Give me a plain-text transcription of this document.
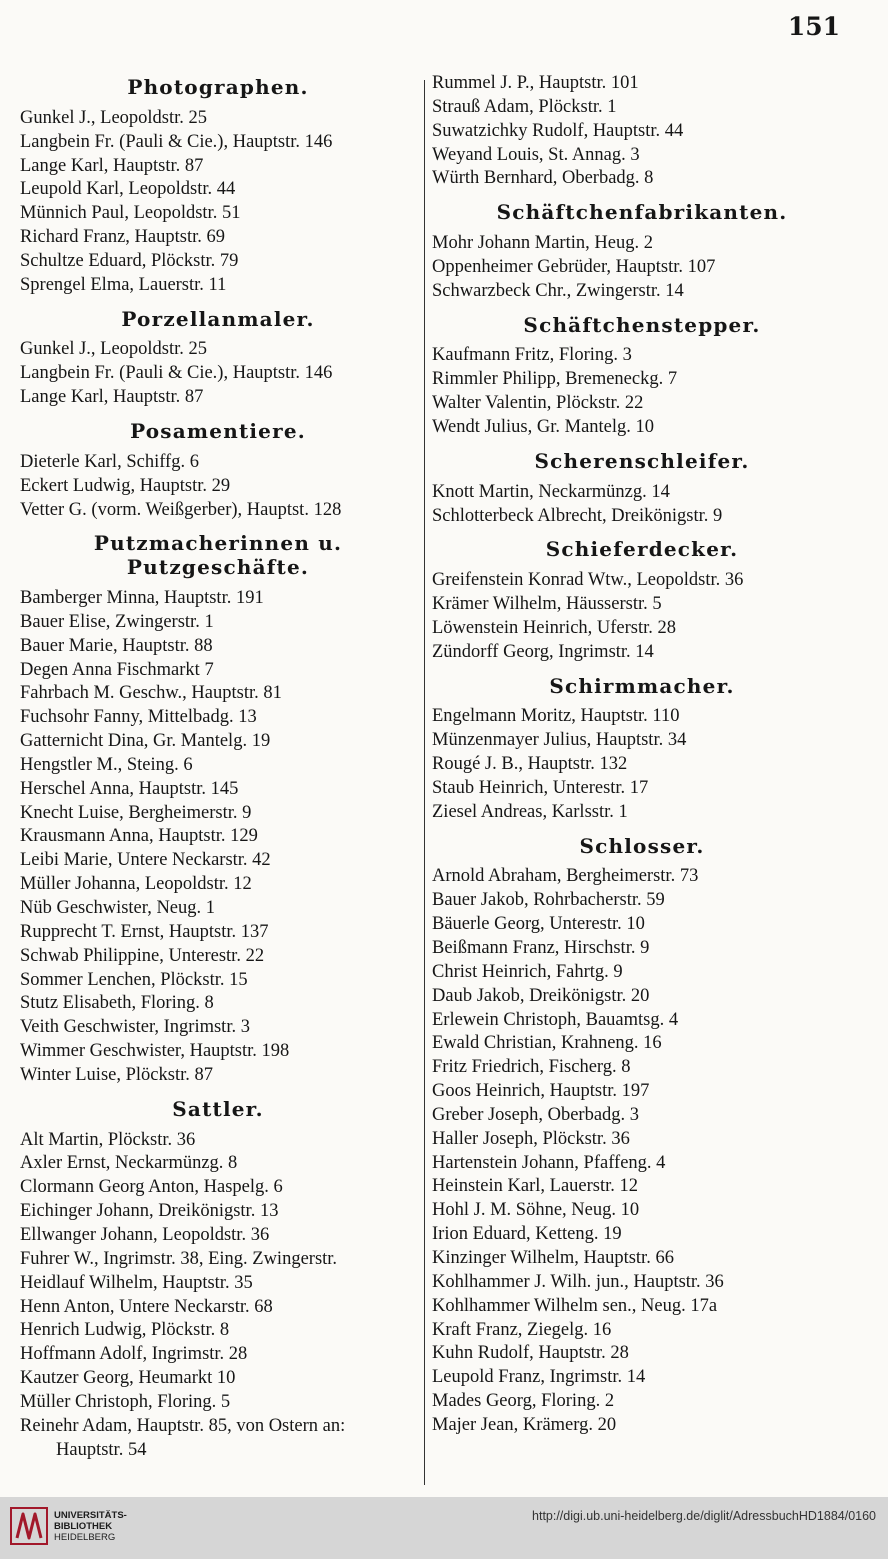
151
Photographen.
Gunkel J., Leopoldstr. 25
Langbein Fr. (Pauli & Cie.), Hauptstr. 146
Lange Karl, Hauptstr. 87
Leupold Karl, Leopoldstr. 44
Münnich Paul, Leopoldstr. 51
Richard Franz, Hauptstr. 69
Schultze Eduard, Plöckstr. 79
Sprengel Elma, Lauerstr. 11
Porzellanmaler.
Gunkel J., Leopoldstr. 25
Langbein Fr. (Pauli & Cie.), Hauptstr. 146
Lange Karl, Hauptstr. 87
Posamentiere.
Dieterle Karl, Schiffg. 6
Eckert Ludwig, Hauptstr. 29
Vetter G. (vorm. Weißgerber), Hauptst. 128
Putzmacherinnen u. Putzgeschäfte.
Bamberger Minna, Hauptstr. 191
Bauer Elise, Zwingerstr. 1
Bauer Marie, Hauptstr. 88
Degen Anna Fischmarkt 7
Fahrbach M. Geschw., Hauptstr. 81
Fuchsohr Fanny, Mittelbadg. 13
Gatternicht Dina, Gr. Mantelg. 19
Hengstler M., Steing. 6
Herschel Anna, Hauptstr. 145
Knecht Luise, Bergheimerstr. 9
Krausmann Anna, Hauptstr. 129
Leibi Marie, Untere Neckarstr. 42
Müller Johanna, Leopoldstr. 12
Nüb Geschwister, Neug. 1
Rupprecht T. Ernst, Hauptstr. 137
Schwab Philippine, Unterestr. 22
Sommer Lenchen, Plöckstr. 15
Stutz Elisabeth, Floring. 8
Veith Geschwister, Ingrimstr. 3
Wimmer Geschwister, Hauptstr. 198
Winter Luise, Plöckstr. 87
Sattler.
Alt Martin, Plöckstr. 36
Axler Ernst, Neckarmünzg. 8
Clormann Georg Anton, Haspelg. 6
Eichinger Johann, Dreikönigstr. 13
Ellwanger Johann, Leopoldstr. 36
Fuhrer W., Ingrimstr. 38, Eing. Zwingerstr.
Heidlauf Wilhelm, Hauptstr. 35
Henn Anton, Untere Neckarstr. 68
Henrich Ludwig, Plöckstr. 8
Hoffmann Adolf, Ingrimstr. 28
Kautzer Georg, Heumarkt 10
Müller Christoph, Floring. 5
Reinehr Adam, Hauptstr. 85, von Ostern an:
Hauptstr. 54
Rummel J. P., Hauptstr. 101
Strauß Adam, Plöckstr. 1
Suwatzichky Rudolf, Hauptstr. 44
Weyand Louis, St. Annag. 3
Würth Bernhard, Oberbadg. 8
Schäftchenfabrikanten.
Mohr Johann Martin, Heug. 2
Oppenheimer Gebrüder, Hauptstr. 107
Schwarzbeck Chr., Zwingerstr. 14
Schäftchenstepper.
Kaufmann Fritz, Floring. 3
Rimmler Philipp, Bremeneckg. 7
Walter Valentin, Plöckstr. 22
Wendt Julius, Gr. Mantelg. 10
Scherenschleifer.
Knott Martin, Neckarmünzg. 14
Schlotterbeck Albrecht, Dreikönigstr. 9
Schieferdecker.
Greifenstein Konrad Wtw., Leopoldstr. 36
Krämer Wilhelm, Häusserstr. 5
Löwenstein Heinrich, Uferstr. 28
Zündorff Georg, Ingrimstr. 14
Schirmmacher.
Engelmann Moritz, Hauptstr. 110
Münzenmayer Julius, Hauptstr. 34
Rougé J. B., Hauptstr. 132
Staub Heinrich, Unterestr. 17
Ziesel Andreas, Karlsstr. 1
Schlosser.
Arnold Abraham, Bergheimerstr. 73
Bauer Jakob, Rohrbacherstr. 59
Bäuerle Georg, Unterestr. 10
Beißmann Franz, Hirschstr. 9
Christ Heinrich, Fahrtg. 9
Daub Jakob, Dreikönigstr. 20
Erlewein Christoph, Bauamtsg. 4
Ewald Christian, Krahneng. 16
Fritz Friedrich, Fischerg. 8
Goos Heinrich, Hauptstr. 197
Greber Joseph, Oberbadg. 3
Haller Joseph, Plöckstr. 36
Hartenstein Johann, Pfaffeng. 4
Heinstein Karl, Lauerstr. 12
Hohl J. M. Söhne, Neug. 10
Irion Eduard, Ketteng. 19
Kinzinger Wilhelm, Hauptstr. 66
Kohlhammer J. Wilh. jun., Hauptstr. 36
Kohlhammer Wilhelm sen., Neug. 17a
Kraft Franz, Ziegelg. 16
Kuhn Rudolf, Hauptstr. 28
Leupold Franz, Ingrimstr. 14
Mades Georg, Floring. 2
Majer Jean, Krämerg. 20
UNIVERSITÄTS-
BIBLIOTHEK
HEIDELBERG
http://digi.ub.uni-heidelberg.de/diglit/AdressbuchHD1884/0160
